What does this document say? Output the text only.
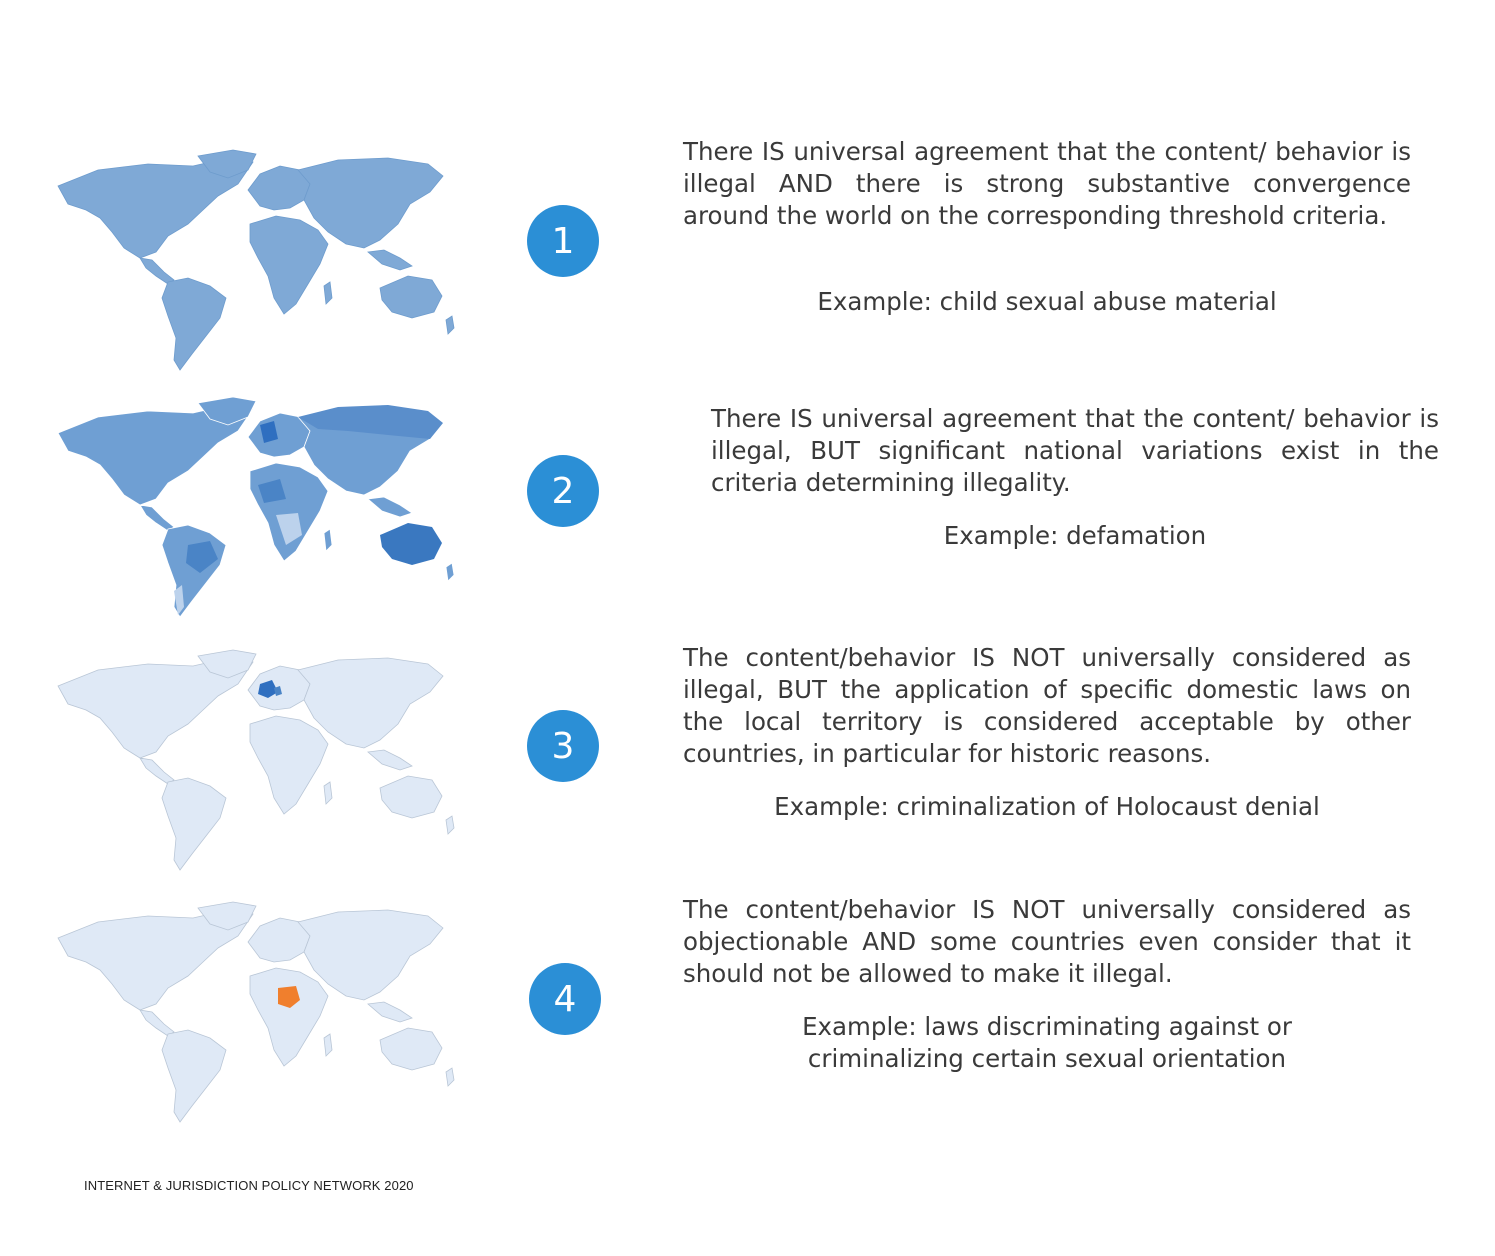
1
There IS universal agreement that the content/ behavior is illegal AND there is strong substantive convergence around the world on the corresponding threshold criteria.
Example: child sexual abuse material
2
There IS universal agreement that the content/ behavior is illegal, BUT significant national variations exist in the criteria determining illegality.
Example: defamation
3
The content/behavior IS NOT universally considered as illegal, BUT the application of specific domestic laws on the local territory is considered acceptable by other countries, in particular for historic reasons.
Example: criminalization of Holocaust denial
4
The content/behavior IS NOT universally considered as objectionable AND some countries even consider that it should not be allowed to make it illegal.
Example: laws discriminating against or
criminalizing certain sexual orientation
INTERNET & JURISDICTION POLICY NETWORK 2020
